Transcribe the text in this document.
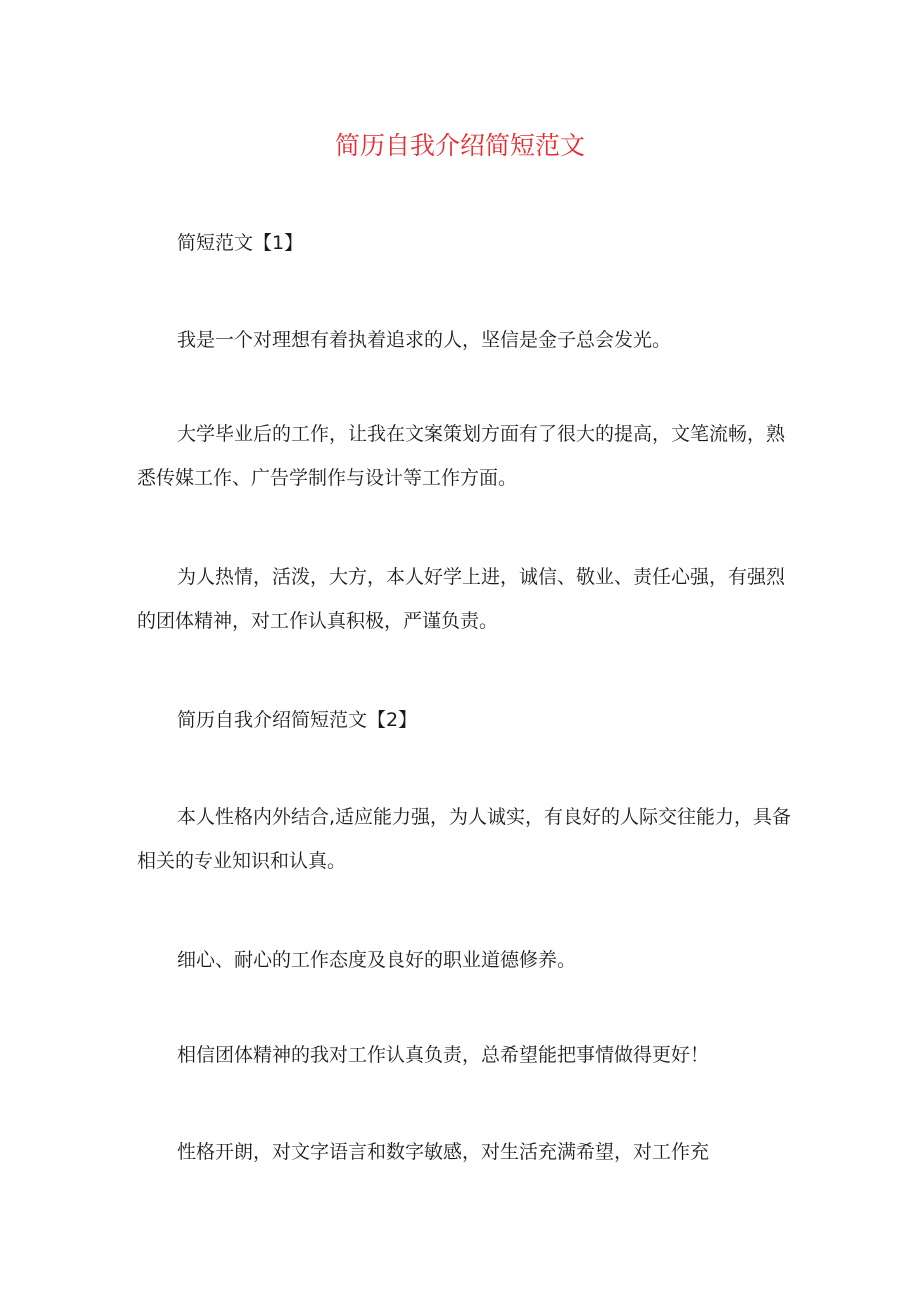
简历自我介绍简短范文

简短范文【1】

我是一个对理想有着执着追求的人，坚信是金子总会发光。

大学毕业后的工作，让我在文案策划方面有了很大的提高，文笔流畅，熟悉传媒工作、广告学制作与设计等工作方面。

为人热情，活泼，大方，本人好学上进，诚信、敬业、责任心强，有强烈的团体精神，对工作认真积极，严谨负责。

简历自我介绍简短范文【2】

本人性格内外结合,适应能力强，为人诚实，有良好的人际交往能力，具备相关的专业知识和认真。

细心、耐心的工作态度及良好的职业道德修养。

相信团体精神的我对工作认真负责，总希望能把事情做得更好！

性格开朗，对文字语言和数字敏感，对生活充满希望，对工作充
